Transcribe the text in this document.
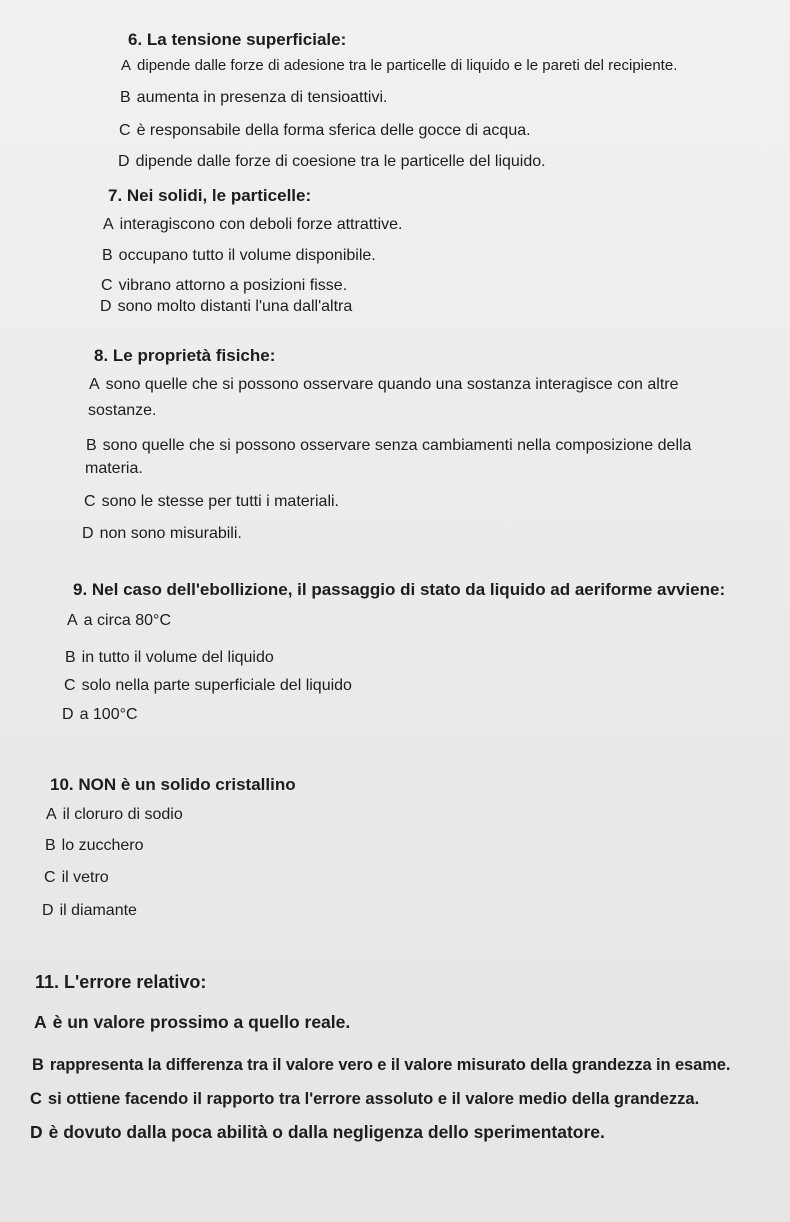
6. La tensione superficiale:
A dipende dalle forze di adesione tra le particelle di liquido e le pareti del recipiente.
B aumenta in presenza di tensioattivi.
C è responsabile della forma sferica delle gocce di acqua.
D dipende dalle forze di coesione tra le particelle del liquido.
7. Nei solidi, le particelle:
A interagiscono con deboli forze attrattive.
B occupano tutto il volume disponibile.
C vibrano attorno a posizioni fisse.
D sono molto distanti l'una dall'altra
8. Le proprietà fisiche:
A sono quelle che si possono osservare quando una sostanza interagisce con altre
sostanze.
B sono quelle che si possono osservare senza cambiamenti nella composizione della
materia.
C sono le stesse per tutti i materiali.
D non sono misurabili.
9. Nel caso dell'ebollizione, il passaggio di stato da liquido ad aeriforme avviene:
A a circa 80°C
B in tutto il volume del liquido
C solo nella parte superficiale del liquido
D a 100°C
10. NON è un solido cristallino
A il cloruro di sodio
B lo zucchero
C il vetro
D il diamante
11. L'errore relativo:
A è un valore prossimo a quello reale.
B rappresenta la differenza tra il valore vero e il valore misurato della grandezza in esame.
C si ottiene facendo il rapporto tra l'errore assoluto e il valore medio della grandezza.
D è dovuto dalla poca abilità o dalla negligenza dello sperimentatore.
